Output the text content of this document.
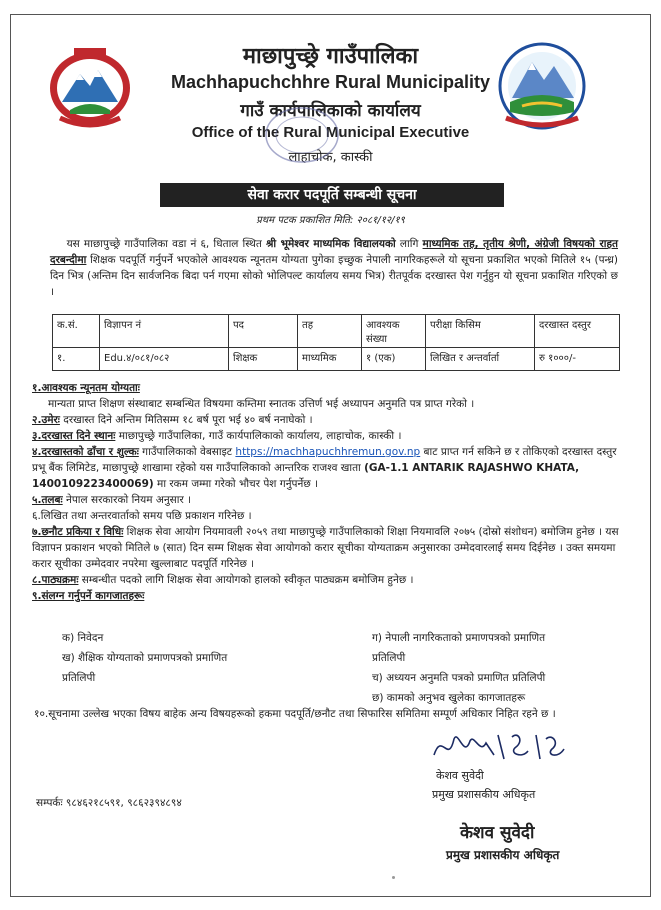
माछापुच्छ्रे गाउँपालिका
Machhapuchchhre Rural Municipality
गाउँ कार्यपालिकाको कार्यालय
Office of the Rural Municipal Executive
लाहाचोक, कास्की
सेवा करार पदपूर्ति सम्बन्धी सूचना
प्रथम पटक प्रकाशित मिति: २०८१/१२/१९
यस माछापुच्छ्रे गाउँपालिका वडा नं ६, धिताल स्थित श्री भूमेश्वर माध्यमिक विद्यालयको लागि माध्यमिक तह, तृतीय श्रेणी, अंग्रेजी विषयको राहत दरबन्दीमा शिक्षक पदपूर्ति गर्नुपर्ने भएकोले आवश्यक न्यूनतम योग्यता पुगेका इच्छुक नेपाली नागरिकहरूले यो सूचना प्रकाशित भएको मितिले १५ (पन्ध्र) दिन भित्र (अन्तिम दिन सार्वजनिक बिदा पर्न गएमा सोको भोलिपल्ट कार्यालय समय भित्र) रीतपूर्वक दरखास्त पेश गर्नुहुन यो सूचना प्रकाशित गरिएको छ ।
क.सं.	विज्ञापन नं	पद	तह	आवश्यक संख्या	परीक्षा किसिम	दरखास्त दस्तुर
१.	Edu.४/०८१/०८२	शिक्षक	माध्यमिक	१ (एक)	लिखित र अन्तर्वार्ता	रु १०००/-
१.आवश्यक न्यूनतम योग्यताः
मान्यता प्राप्त शिक्षण संस्थाबाट सम्बन्धित विषयमा कम्तिमा स्नातक उत्तिर्ण भई अध्यापन अनुमति पत्र प्राप्त गरेको ।
२.उमेरः दरखास्त दिने अन्तिम मितिसम्म १८ बर्ष पूरा भई ४० बर्ष ननाघेको ।
३.दरखास्त दिने स्थानः माछापुच्छ्रे गाउँपालिका, गाउँ कार्यपालिकाको कार्यालय, लाहाचोक, कास्की ।
४.दरखास्तको ढाँचा र शुल्कः गाउँपालिकाको वेबसाइट https://machhapuchhremun.gov.np बाट प्राप्त गर्न सकिने छ र तोकिएको दरखास्त दस्तुर प्रभू बैंक लिमिटेड, माछापुच्छ्रे शाखामा रहेको यस गाउँपालिकाको आन्तरिक राजश्व खाता (GA-1.1 ANTARIK RAJASHWO KHATA, 1400109223400069) मा रकम जम्मा गरेको भौचर पेश गर्नुपर्नेछ ।
५.तलबः नेपाल सरकारको नियम अनुसार ।
६.लिखित तथा अन्तरवार्ताको समय पछि प्रकाशन गरिनेछ ।
७.छनौट प्रकिया र विधिः शिक्षक सेवा आयोग नियमावली २०५९ तथा माछापुच्छ्रे गाउँपालिकाको शिक्षा नियमावलि २०७५ (दोस्रो संशोधन) बमोजिम हुनेछ । यस विज्ञापन प्रकाशन भएको मितिले ७ (सात) दिन सम्म शिक्षक सेवा आयोगको करार सूचीका योग्यताक्रम अनुसारका उम्मेदवारलाई समय दिईनेछ । उक्त समयमा करार सूचीका उम्मेदवार नपरेमा खुल्लाबाट पदपूर्ति गरिनेछ ।
८.पाठ्यक्रमः सम्बन्धीत पदको लागि शिक्षक सेवा आयोगको हालको स्वीकृत पाठ्यक्रम बमोजिम हुनेछ ।
९.संलग्न गर्नुपर्ने कागजातहरूः
क) निवेदन
ख) शैक्षिक योग्यताको प्रमाणपत्रको प्रमाणित
प्रतिलिपी
ग) नेपाली नागरिकताको प्रमाणपत्रको प्रमाणित
प्रतिलिपी
च) अध्ययन अनुमति पत्रको प्रमाणित प्रतिलिपी
छ) कामको अनुभव खुलेका कागजातहरू
१०.सूचनामा उल्लेख भएका विषय बाहेक अन्य विषयहरूको हकमा पदपूर्ति/छनौट तथा सिफारिस समितिमा सम्पूर्ण अधिकार निहित रहने छ ।
केशव सुवेदी
प्रमुख प्रशासकीय अधिकृत
सम्पर्कः ९८४६२१८५९१, ९८६२३९४८९४
केशव सुवेदी
प्रमुख प्रशासकीय अधिकृत
